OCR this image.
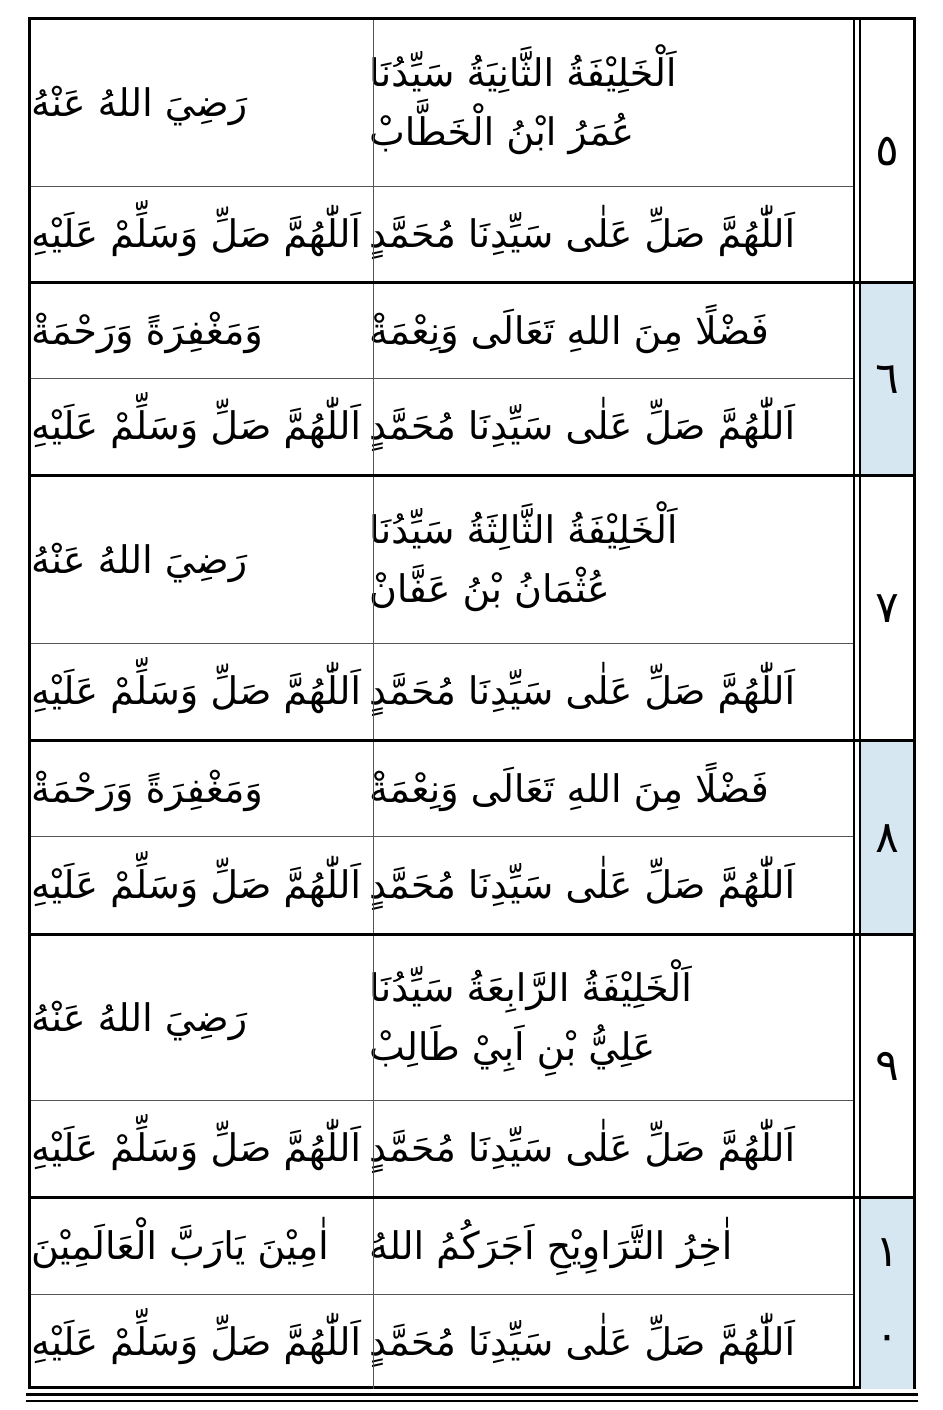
٥
اَلْخَلِيْفَةُ الثَّانِيَةُ سَيِّدُنَا
عُمَرُ ابْنُ الْخَطَّابْ
رَضِيَ اللهُ عَنْهُ
اَللّٰهُمَّ صَلِّ عَلٰى سَيِّدِنَا مُحَمَّدٍ
اَللّٰهُمَّ صَلِّ وَسَلِّمْ عَلَيْهِ
٦
فَضْلًا مِنَ اللهِ تَعَالَى وَنِعْمَةْ
وَمَغْفِرَةً وَرَحْمَةْ
اَللّٰهُمَّ صَلِّ عَلٰى سَيِّدِنَا مُحَمَّدٍ
اَللّٰهُمَّ صَلِّ وَسَلِّمْ عَلَيْهِ
٧
اَلْخَلِيْفَةُ الثَّالِثَةُ سَيِّدُنَا
عُثْمَانُ بْنُ عَفَّانْ
رَضِيَ اللهُ عَنْهُ
اَللّٰهُمَّ صَلِّ عَلٰى سَيِّدِنَا مُحَمَّدٍ
اَللّٰهُمَّ صَلِّ وَسَلِّمْ عَلَيْهِ
٨
فَضْلًا مِنَ اللهِ تَعَالَى وَنِعْمَةْ
وَمَغْفِرَةً وَرَحْمَةْ
اَللّٰهُمَّ صَلِّ عَلٰى سَيِّدِنَا مُحَمَّدٍ
اَللّٰهُمَّ صَلِّ وَسَلِّمْ عَلَيْهِ
٩
اَلْخَلِيْفَةُ الرَّابِعَةُ سَيِّدُنَا
عَلِيُّ بْنِ اَبِيْ طَالِبْ
رَضِيَ اللهُ عَنْهُ
اَللّٰهُمَّ صَلِّ عَلٰى سَيِّدِنَا مُحَمَّدٍ
اَللّٰهُمَّ صَلِّ وَسَلِّمْ عَلَيْهِ
١
٠
اٰخِرُ التَّرَاوِيْحِ اَجَرَكُمُ اللهُ
اٰمِيْنَ يَارَبَّ الْعَالَمِيْنَ
اَللّٰهُمَّ صَلِّ عَلٰى سَيِّدِنَا مُحَمَّدٍ
اَللّٰهُمَّ صَلِّ وَسَلِّمْ عَلَيْهِ
